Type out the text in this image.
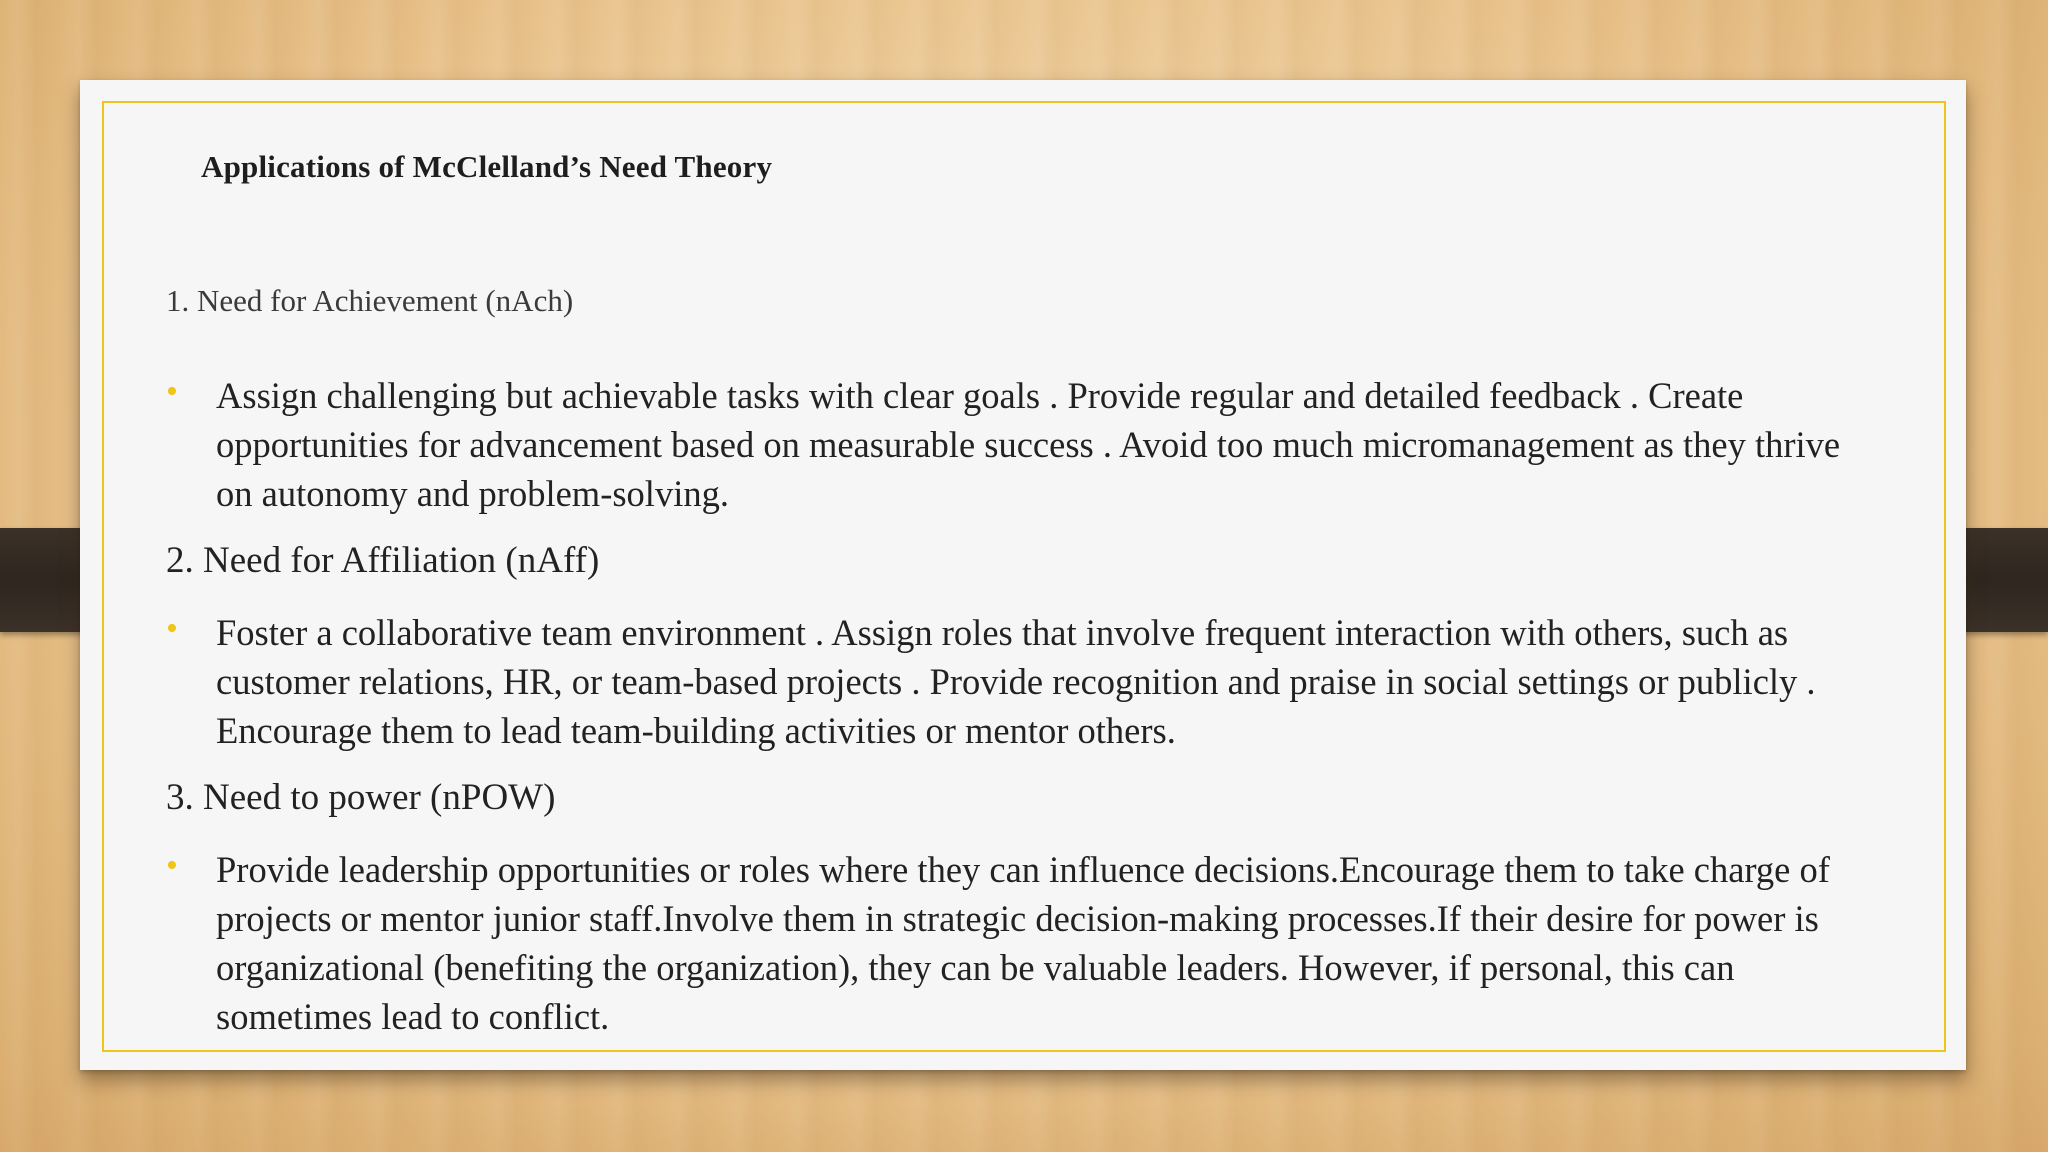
Applications of McClelland’s Need Theory
1. Need for Achievement (nAch)
• Assign challenging but achievable tasks with clear goals . Provide regular and detailed feedback . Create opportunities for advancement based on measurable success . Avoid too much micromanagement as they thrive on autonomy and problem-solving.
2. Need for Affiliation (nAff)
• Foster a collaborative team environment . Assign roles that involve frequent interaction with others, such as customer relations, HR, or team-based projects . Provide recognition and praise in social settings or publicly . Encourage them to lead team-building activities or mentor others.
3. Need to power (nPOW)
• Provide leadership opportunities or roles where they can influence decisions.Encourage them to take charge of projects or mentor junior staff.Involve them in strategic decision-making processes.If their desire for power is organizational (benefiting the organization), they can be valuable leaders. However, if personal, this can sometimes lead to conflict.
